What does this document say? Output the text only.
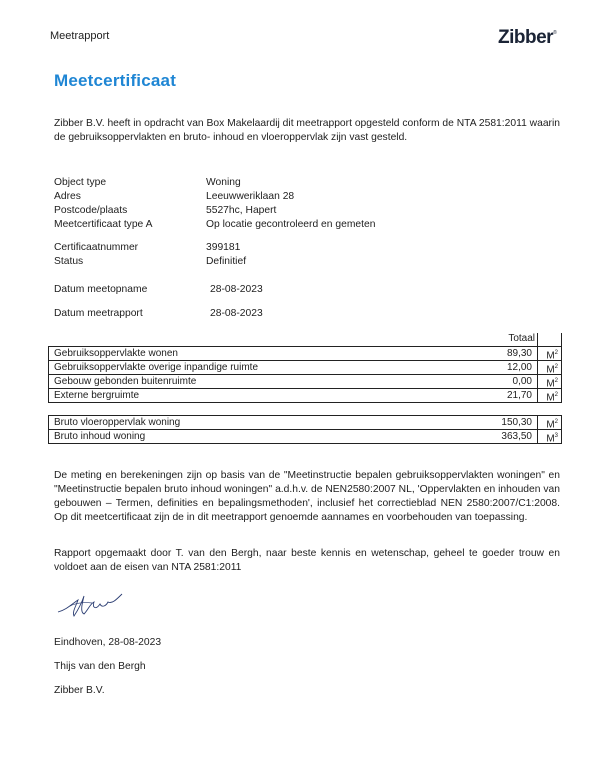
Meetrapport	Zibber®
Meetcertificaat
Zibber B.V. heeft in opdracht van Box Makelaardij dit meetrapport opgesteld conform de NTA 2581:2011 waarin de gebruiksoppervlakten en bruto- inhoud en vloeroppervlak zijn vast gesteld.
Object type	Woning
Adres	Leeuwweriklaan 28
Postcode/plaats	5527hc, Hapert
Meetcertificaat type A	Op locatie gecontroleerd en gemeten
Certificaatnummer	399181
Status	Definitief
Datum meetopname	28-08-2023
Datum meetrapport	28-08-2023
Totaal
Gebruiksoppervlakte wonen	89,30 $M^2$
Gebruiksoppervlakte overige inpandige ruimte	12,00 $M^2$
Gebouw gebonden buitenruimte	0,00 $M^2$
Externe bergruimte	21,70 $M^2$
Bruto vloeroppervlak woning	150,30 $M^2$
Bruto inhoud woning	363,50 $M^3$
De meting en berekeningen zijn op basis van de "Meetinstructie bepalen gebruiksoppervlakten woningen" en "Meetinstructie bepalen bruto inhoud woningen" a.d.h.v. de NEN2580:2007 NL, 'Oppervlakten en inhouden van gebouwen – Termen, definities en bepalingsmethoden', inclusief het correctieblad NEN 2580:2007/C1:2008. Op dit meetcertificaat zijn de in dit meetrapport genoemde aannames en voorbehouden van toepassing.
Rapport opgemaakt door T. van den Bergh, naar beste kennis en wetenschap, geheel te goeder trouw en voldoet aan de eisen van NTA 2581:2011
Eindhoven, 28-08-2023
Thijs van den Bergh
Zibber B.V.
